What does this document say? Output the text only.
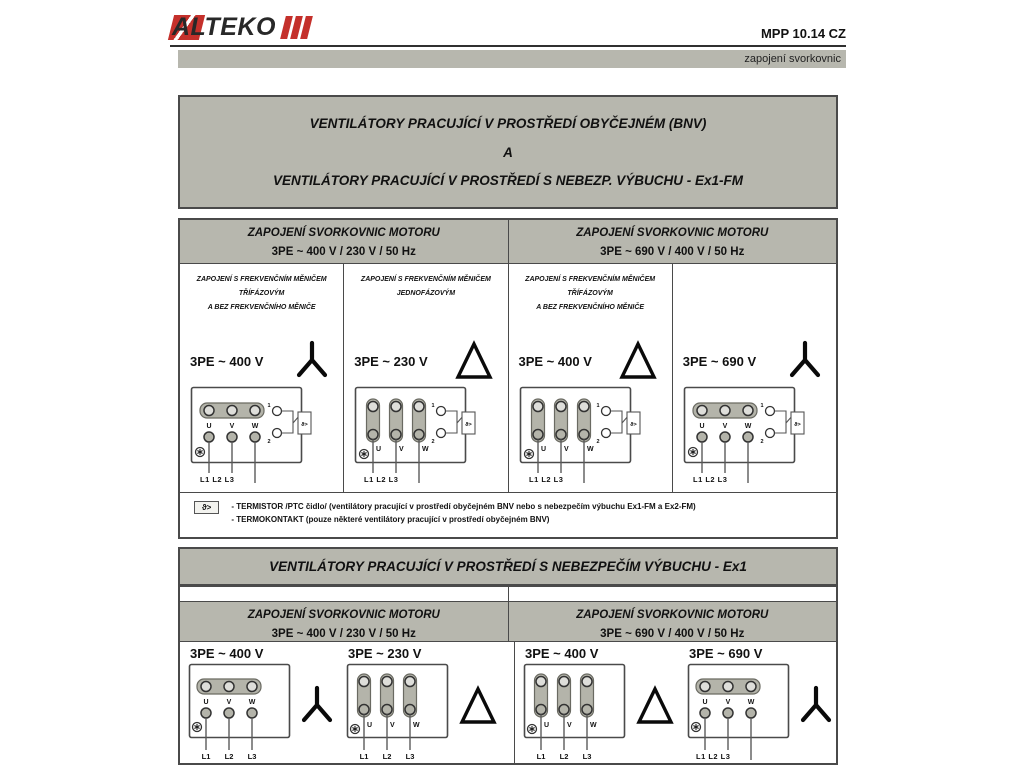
ALTEKO	MPP 10.14 CZ
zapojení svorkovnic
VENTILÁTORY PRACUJÍCÍ V PROSTŘEDÍ OBYČEJNÉM (BNV)
A
VENTILÁTORY PRACUJÍCÍ V PROSTŘEDÍ S NEBEZP. VÝBUCHU - Ex1-FM
ZAPOJENÍ SVORKOVNIC MOTORU
3PE ~ 400 V / 230 V / 50 Hz
ZAPOJENÍ SVORKOVNIC MOTORU
3PE ~ 690 V / 400 V / 50 Hz
ZAPOJENÍ S FREKVENČNÍM MĚNIČEM
TŘÍFÁZOVÝM
A BEZ FREKVENČNÍHO MĚNIČE
3PE ~ 400 V
U	V W
L1 L2 L3
1
2
ϑ>
ZAPOJENÍ S FREKVENČNÍM MĚNIČEM
JEDNOFÁZOVÝM
3PE ~ 230 V
U	V	W
L1 L2 L3
1
2
ϑ>
ZAPOJENÍ S FREKVENČNÍM MĚNIČEM
TŘÍFÁZOVÝM
A BEZ FREKVENČNÍHO MĚNIČE
3PE ~ 400 V
U	V	W
L1 L2 L3
1
2
ϑ>
3PE ~ 690 V
U	V W
L1 L2 L3
1
2
ϑ>
ϑ>	- TERMISTOR /PTC čidlo/ (ventilátory pracující v prostředí obyčejném BNV nebo s nebezpečím výbuchu Ex1-FM a Ex2-FM)
- TERMOKONTAKT (pouze některé ventilátory pracující v prostředí obyčejném BNV)
VENTILÁTORY PRACUJÍCÍ V PROSTŘEDÍ S NEBEZPEČÍM VÝBUCHU - Ex1
ZAPOJENÍ SVORKOVNIC MOTORU
3PE ~ 400 V / 230 V / 50 Hz
ZAPOJENÍ SVORKOVNIC MOTORU
3PE ~ 690 V / 400 V / 50 Hz
3PE ~ 400 V
U	V W
L1 L2 L3
3PE ~ 230 V
U	V	W
L1 L2 L3
3PE ~ 400 V
U	V	W
L1 L2 L3
3PE ~ 690 V
U	V W
L1 L2 L3
